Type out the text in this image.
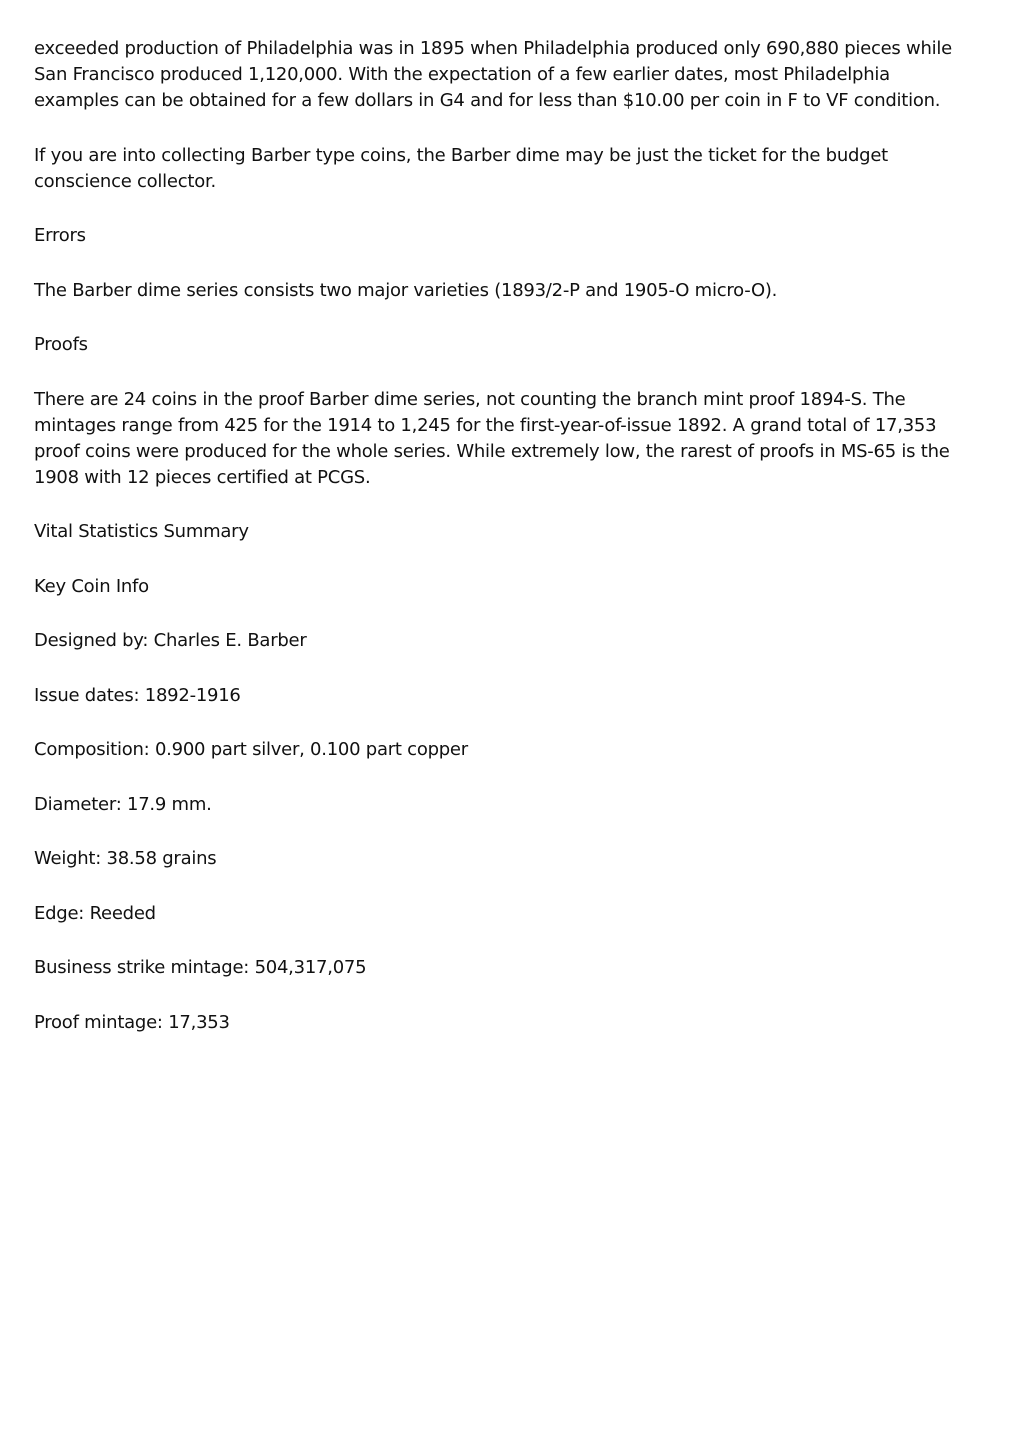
exceeded production of Philadelphia was in 1895 when Philadelphia produced only 690,880 pieces while San Francisco produced 1,120,000. With the expectation of a few earlier dates, most Philadelphia examples can be obtained for a few dollars in G4 and for less than $10.00 per coin in F to VF condition.

If you are into collecting Barber type coins, the Barber dime may be just the ticket for the budget conscience collector.

Errors

The Barber dime series consists two major varieties (1893/2-P and 1905-O micro-O).

Proofs

There are 24 coins in the proof Barber dime series, not counting the branch mint proof 1894-S. The mintages range from 425 for the 1914 to 1,245 for the first-year-of-issue 1892. A grand total of 17,353 proof coins were produced for the whole series. While extremely low, the rarest of proofs in MS-65 is the 1908 with 12 pieces certified at PCGS.

Vital Statistics Summary

Key Coin Info

Designed by: Charles E. Barber

Issue dates: 1892-1916

Composition: 0.900 part silver, 0.100 part copper

Diameter: 17.9 mm.

Weight: 38.58 grains

Edge: Reeded

Business strike mintage: 504,317,075

Proof mintage: 17,353
